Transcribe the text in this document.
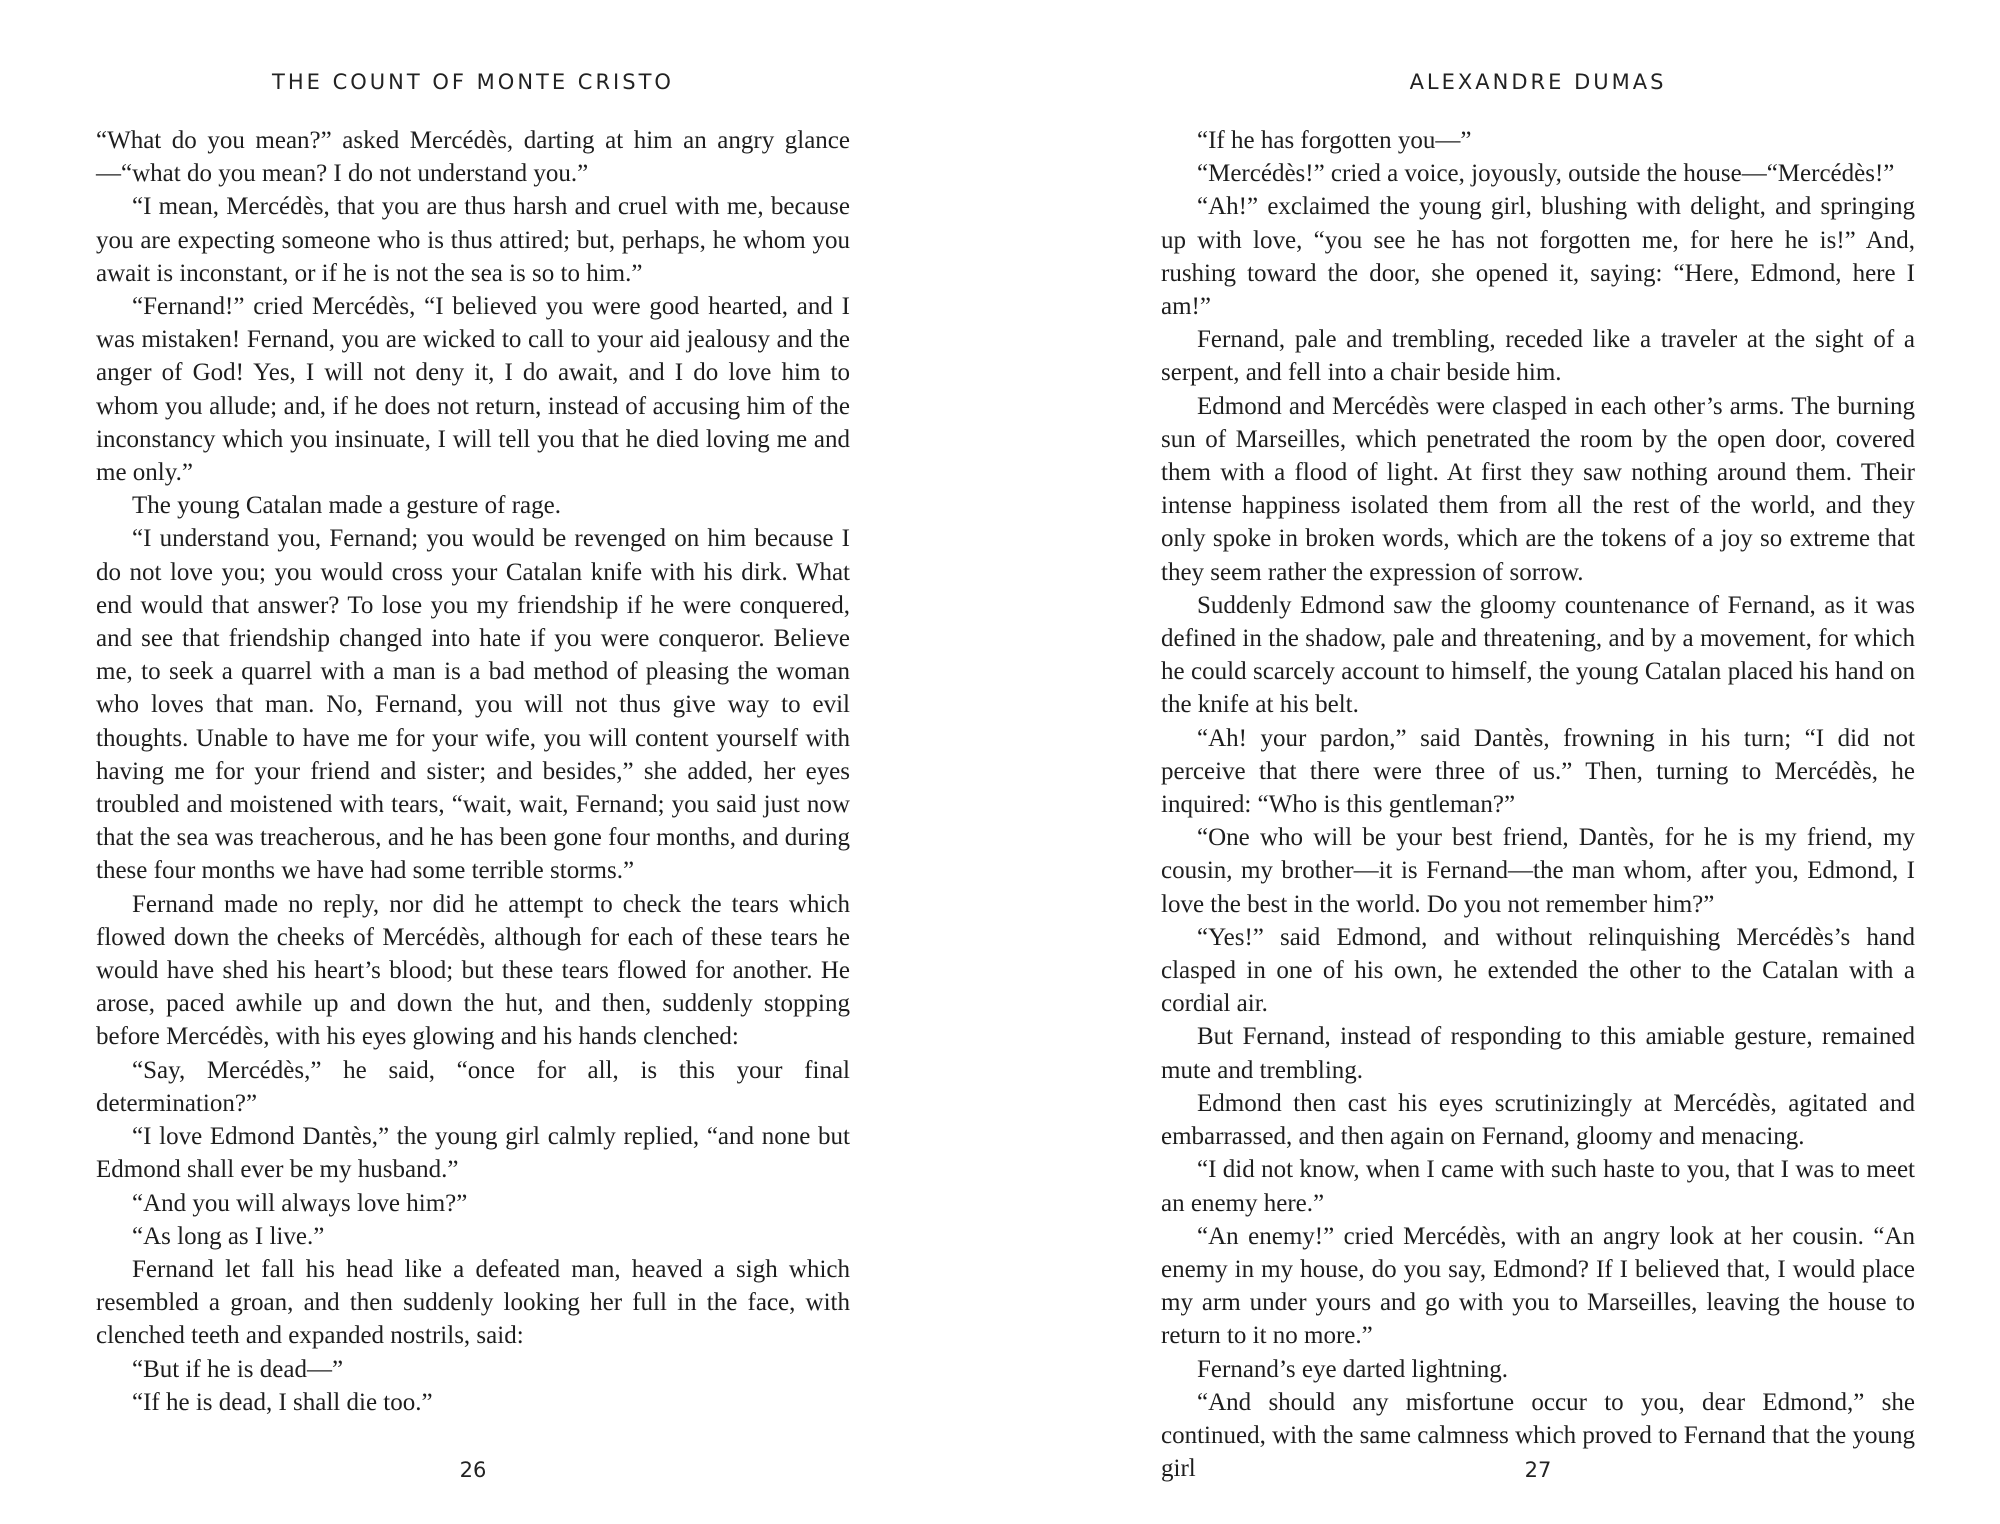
THE COUNT OF MONTE CRISTO

“What do you mean?” asked Mercédès, darting at him an angry glance—“what do you mean? I do not understand you.”

“I mean, Mercédès, that you are thus harsh and cruel with me, because you are expecting someone who is thus attired; but, perhaps, he whom you await is inconstant, or if he is not the sea is so to him.”

“Fernand!” cried Mercédès, “I believed you were good hearted, and I was mistaken! Fernand, you are wicked to call to your aid jealousy and the anger of God! Yes, I will not deny it, I do await, and I do love him to whom you allude; and, if he does not return, instead of accusing him of the inconstancy which you insinuate, I will tell you that he died loving me and me only.”

The young Catalan made a gesture of rage.

“I understand you, Fernand; you would be revenged on him because I do not love you; you would cross your Catalan knife with his dirk. What end would that answer? To lose you my friendship if he were conquered, and see that friendship changed into hate if you were conqueror. Believe me, to seek a quarrel with a man is a bad method of pleasing the woman who loves that man. No, Fernand, you will not thus give way to evil thoughts. Unable to have me for your wife, you will content yourself with having me for your friend and sister; and besides,” she added, her eyes troubled and moistened with tears, “wait, wait, Fernand; you said just now that the sea was treacherous, and he has been gone four months, and during these four months we have had some terrible storms.”

Fernand made no reply, nor did he attempt to check the tears which flowed down the cheeks of Mercédès, although for each of these tears he would have shed his heart’s blood; but these tears flowed for another. He arose, paced awhile up and down the hut, and then, suddenly stopping before Mercédès, with his eyes glowing and his hands clenched:

“Say, Mercédès,” he said, “once for all, is this your final determination?”

“I love Edmond Dantès,” the young girl calmly replied, “and none but Edmond shall ever be my husband.”

“And you will always love him?”

“As long as I live.”

Fernand let fall his head like a defeated man, heaved a sigh which resembled a groan, and then suddenly looking her full in the face, with clenched teeth and expanded nostrils, said:

“But if he is dead—”

“If he is dead, I shall die too.”

26
ALEXANDRE DUMAS

“If he has forgotten you—”

“Mercédès!” cried a voice, joyously, outside the house—“Mercédès!”

“Ah!” exclaimed the young girl, blushing with delight, and springing up with love, “you see he has not forgotten me, for here he is!” And, rushing toward the door, she opened it, saying: “Here, Edmond, here I am!”

Fernand, pale and trembling, receded like a traveler at the sight of a serpent, and fell into a chair beside him.

Edmond and Mercédès were clasped in each other’s arms. The burning sun of Marseilles, which penetrated the room by the open door, covered them with a flood of light. At first they saw nothing around them. Their intense happiness isolated them from all the rest of the world, and they only spoke in broken words, which are the tokens of a joy so extreme that they seem rather the expression of sorrow.

Suddenly Edmond saw the gloomy countenance of Fernand, as it was defined in the shadow, pale and threatening, and by a movement, for which he could scarcely account to himself, the young Catalan placed his hand on the knife at his belt.

“Ah! your pardon,” said Dantès, frowning in his turn; “I did not perceive that there were three of us.” Then, turning to Mercédès, he inquired: “Who is this gentleman?”

“One who will be your best friend, Dantès, for he is my friend, my cousin, my brother—it is Fernand—the man whom, after you, Edmond, I love the best in the world. Do you not remember him?”

“Yes!” said Edmond, and without relinquishing Mercédès’s hand clasped in one of his own, he extended the other to the Catalan with a cordial air.

But Fernand, instead of responding to this amiable gesture, remained mute and trembling.

Edmond then cast his eyes scrutinizingly at Mercédès, agitated and embarrassed, and then again on Fernand, gloomy and menacing.

“I did not know, when I came with such haste to you, that I was to meet an enemy here.”

“An enemy!” cried Mercédès, with an angry look at her cousin. “An enemy in my house, do you say, Edmond? If I believed that, I would place my arm under yours and go with you to Marseilles, leaving the house to return to it no more.”

Fernand’s eye darted lightning.

“And should any misfortune occur to you, dear Edmond,” she continued, with the same calmness which proved to Fernand that the young girl	27
